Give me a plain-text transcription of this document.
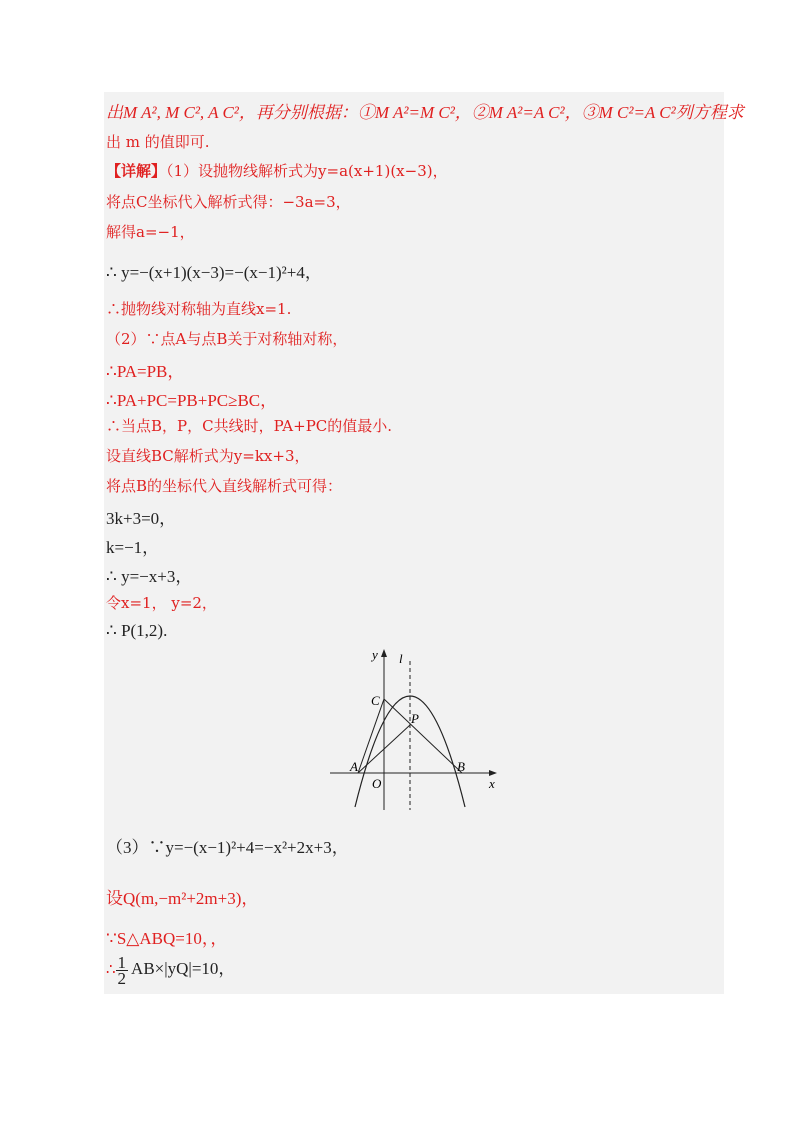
出M A², M C², A C²，再分别根据：①M A²=M C²，②M A²=A C²，③M C²=A C²列方程求
出 m 的值即可.
【详解】（1）设抛物线解析式为y=a(x+1)(x−3)，
将点C坐标代入解析式得：−3a=3，
解得a=−1，
∴ y=−(x+1)(x−3)=−(x−1)²+4，
∴抛物线对称轴为直线x=1.
（2）∵点A与点B关于对称轴对称，
∴PA=PB，
∴PA+PC=PB+PC≥BC，
∴当点B，P，C共线时，PA+PC的值最小.
设直线BC解析式为y=kx+3，
将点B的坐标代入直线解析式可得：
3k+3=0，
k=−1，
∴ y=−x+3，
令x=1， y=2，
∴ P(1,2).
y l
C
P
A
O
B
x
（3）∵y=−(x−1)²+4=−x²+2x+3，
设Q(m,−m²+2m+3)，
∵S△ABQ=10，，
∴ $\frac{1}{2} AB\times|yQ|=10$，
